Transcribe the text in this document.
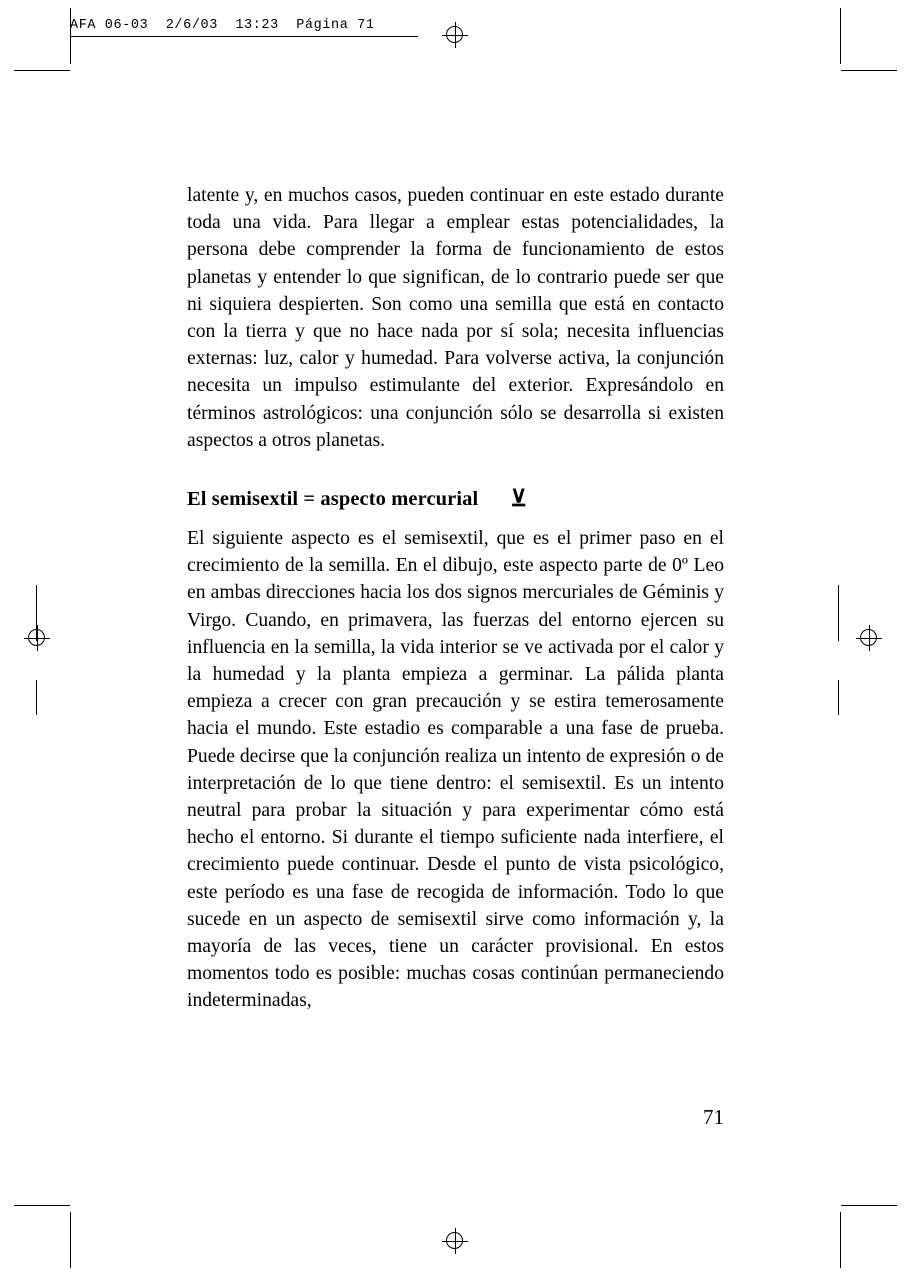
AFA 06-03  2/6/03  13:23  Página 71

latente y, en muchos casos, pueden continuar en este estado durante toda una vida. Para llegar a emplear estas potencialidades, la persona debe comprender la forma de funcionamiento de estos planetas y entender lo que significan, de lo contrario puede ser que ni siquiera despierten. Son como una semilla que está en contacto con la tierra y que no hace nada por sí sola; necesita influencias externas: luz, calor y humedad. Para volverse activa, la conjunción necesita un impulso estimulante del exterior. Expresándolo en términos astrológicos: una conjunción sólo se desarrolla si existen aspectos a otros planetas.

El semisextil = aspecto mercurial ⊻

El siguiente aspecto es el semisextil, que es el primer paso en el crecimiento de la semilla. En el dibujo, este aspecto parte de 0º Leo en ambas direcciones hacia los dos signos mercuriales de Géminis y Virgo. Cuando, en primavera, las fuerzas del entorno ejercen su influencia en la semilla, la vida interior se ve activada por el calor y la humedad y la planta empieza a germinar. La pálida planta empieza a crecer con gran precaución y se estira temerosamente hacia el mundo. Este estadio es comparable a una fase de prueba. Puede decirse que la conjunción realiza un intento de expresión o de interpretación de lo que tiene dentro: el semisextil. Es un intento neutral para probar la situación y para experimentar cómo está hecho el entorno. Si durante el tiempo suficiente nada interfiere, el crecimiento puede continuar. Desde el punto de vista psicológico, este período es una fase de recogida de información. Todo lo que sucede en un aspecto de semisextil sirve como información y, la mayoría de las veces, tiene un carácter provisional. En estos momentos todo es posible: muchas cosas continúan permaneciendo indeterminadas,

71
